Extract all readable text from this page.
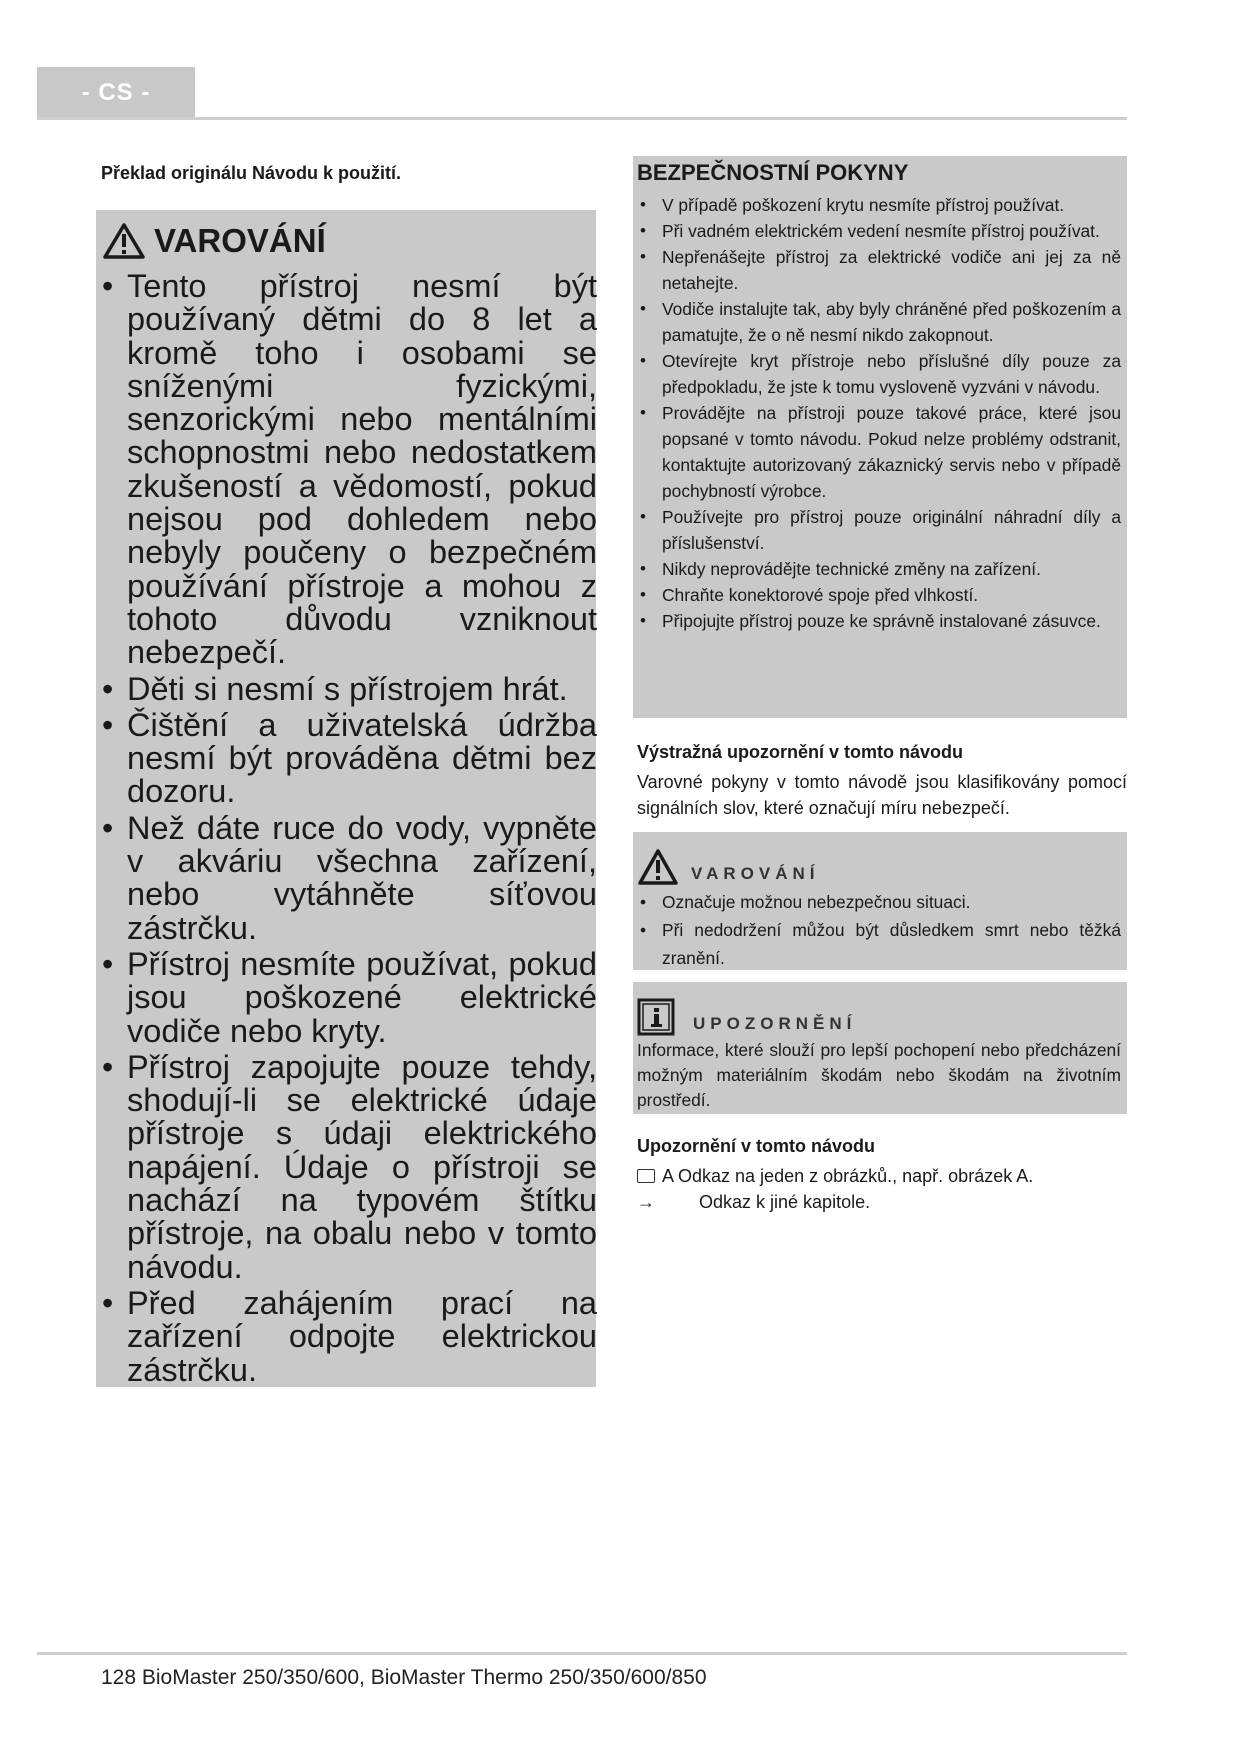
- CS -
Překlad originálu Návodu k použití.
VAROVÁNÍ
• Tento přístroj nesmí být používaný dětmi do 8 let a kromě toho i osobami se sníženými fyzickými, senzorickými nebo mentálními schopnostmi nebo nedostatkem zkušeností a vědomostí, pokud nejsou pod dohledem nebo nebyly poučeny o bezpečném používání přístroje a mohou z tohoto důvodu vzniknout nebezpečí.
• Děti si nesmí s přístrojem hrát.
• Čištění a uživatelská údržba nesmí být prováděna dětmi bez dozoru.
• Než dáte ruce do vody, vypněte v akváriu všechna zařízení, nebo vytáhněte síťovou zástrčku.
• Přístroj nesmíte používat, pokud jsou poškozené elektrické vodiče nebo kryty.
• Přístroj zapojujte pouze tehdy, shodují-li se elektrické údaje přístroje s údaji elektrického napájení. Údaje o přístroji se nachází na typovém štítku přístroje, na obalu nebo v tomto návodu.
• Před zahájením prací na zařízení odpojte elektrickou zástrčku.
BEZPEČNOSTNÍ POKYNY
• V případě poškození krytu nesmíte přístroj používat.
• Při vadném elektrickém vedení nesmíte přístroj používat.
• Nepřenášejte přístroj za elektrické vodiče ani jej za ně netahejte.
• Vodiče instalujte tak, aby byly chráněné před poškozením a pamatujte, že o ně nesmí nikdo zakopnout.
• Otevírejte kryt přístroje nebo příslušné díly pouze za předpokladu, že jste k tomu vysloveně vyzváni v návodu.
• Provádějte na přístroji pouze takové práce, které jsou popsané v tomto návodu. Pokud nelze problémy odstranit, kontaktujte autorizovaný zákaznický servis nebo v případě pochybností výrobce.
• Používejte pro přístroj pouze originální náhradní díly a příslušenství.
• Nikdy neprovádějte technické změny na zařízení.
• Chraňte konektorové spoje před vlhkostí.
• Připojujte přístroj pouze ke správně instalované zásuvce.
Výstražná upozornění v tomto návodu
Varovné pokyny v tomto návodě jsou klasifikovány pomocí signálních slov, které označují míru nebezpečí.
VAROVÁNÍ
• Označuje možnou nebezpečnou situaci.
• Při nedodržení můžou být důsledkem smrt nebo těžká zranění.
UPOZORNĚNÍ
Informace, které slouží pro lepší pochopení nebo předcházení možným materiálním škodám nebo škodám na životním prostředí.
Upozornění v tomto návodu
A Odkaz na jeden z obrázků., např. obrázek A.
→	Odkaz k jiné kapitole.
128 BioMaster 250/350/600, BioMaster Thermo 250/350/600/850
